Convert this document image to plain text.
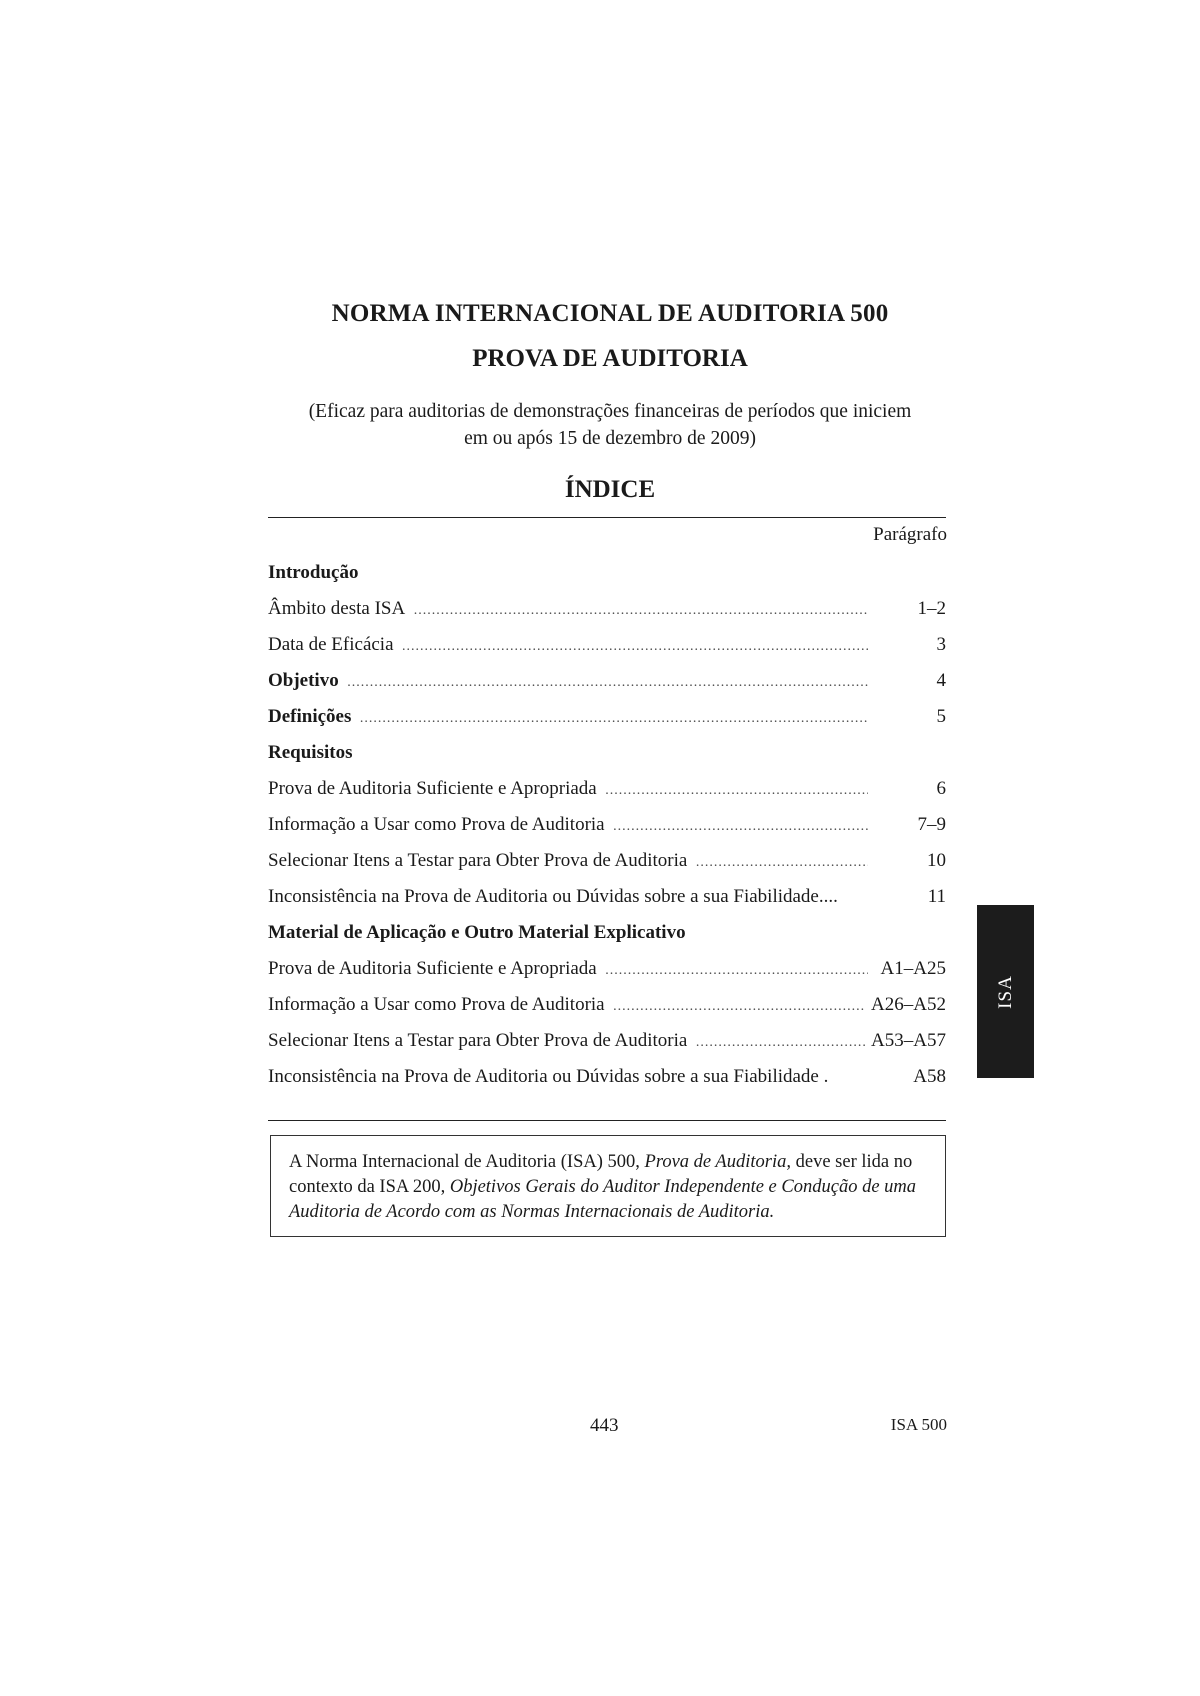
NORMA INTERNACIONAL DE AUDITORIA 500
PROVA DE AUDITORIA
(Eficaz para auditorias de demonstrações financeiras de períodos que iniciem
em ou após 15 de dezembro de 2009)
ÍNDICE
Parágrafo
Introdução
Âmbito desta ISA .....	1–2
Data de Eficácia .....	3
Objetivo .....	4
Definições .....	5
Requisitos
Prova de Auditoria Suficiente e Apropriada .....	6
Informação a Usar como Prova de Auditoria .....	7–9
Selecionar Itens a Testar para Obter Prova de Auditoria .....	10
Inconsistência na Prova de Auditoria ou Dúvidas sobre a sua Fiabilidade....	11
Material de Aplicação e Outro Material Explicativo
Prova de Auditoria Suficiente e Apropriada .....	A1–A25
Informação a Usar como Prova de Auditoria .....	A26–A52
Selecionar Itens a Testar para Obter Prova de Auditoria .....	A53–A57
Inconsistência na Prova de Auditoria ou Dúvidas sobre a sua Fiabilidade .	A58
A Norma Internacional de Auditoria (ISA) 500, Prova de Auditoria, deve ser lida no contexto da ISA 200, Objetivos Gerais do Auditor Independente e Condução de uma Auditoria de Acordo com as Normas Internacionais de Auditoria.
ISA
443	ISA 500
